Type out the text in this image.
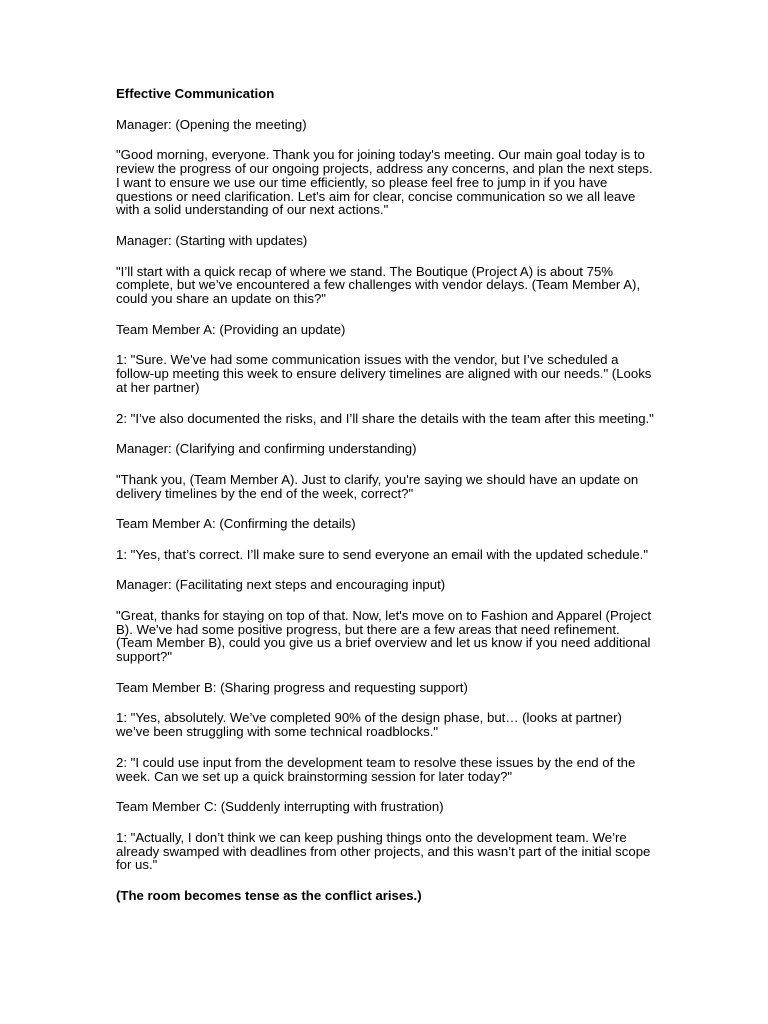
Effective Communication

Manager: (Opening the meeting)

"Good morning, everyone. Thank you for joining today's meeting. Our main goal today is to review the progress of our ongoing projects, address any concerns, and plan the next steps. I want to ensure we use our time efficiently, so please feel free to jump in if you have questions or need clarification. Let's aim for clear, concise communication so we all leave with a solid understanding of our next actions."

Manager: (Starting with updates)

"I’ll start with a quick recap of where we stand. The Boutique (Project A) is about 75% complete, but we’ve encountered a few challenges with vendor delays. (Team Member A), could you share an update on this?"

Team Member A: (Providing an update)

1: "Sure. We've had some communication issues with the vendor, but I’ve scheduled a follow-up meeting this week to ensure delivery timelines are aligned with our needs." (Looks at her partner)

2: "I’ve also documented the risks, and I’ll share the details with the team after this meeting."

Manager: (Clarifying and confirming understanding)

"Thank you, (Team Member A). Just to clarify, you're saying we should have an update on delivery timelines by the end of the week, correct?"

Team Member A: (Confirming the details)

1: "Yes, that’s correct. I’ll make sure to send everyone an email with the updated schedule."

Manager: (Facilitating next steps and encouraging input)

"Great, thanks for staying on top of that. Now, let's move on to Fashion and Apparel (Project B). We've had some positive progress, but there are a few areas that need refinement. (Team Member B), could you give us a brief overview and let us know if you need additional support?"

Team Member B: (Sharing progress and requesting support)

1: "Yes, absolutely. We’ve completed 90% of the design phase, but… (looks at partner) we’ve been struggling with some technical roadblocks."

2: "I could use input from the development team to resolve these issues by the end of the week. Can we set up a quick brainstorming session for later today?"

Team Member C: (Suddenly interrupting with frustration)

1: "Actually, I don’t think we can keep pushing things onto the development team. We’re already swamped with deadlines from other projects, and this wasn’t part of the initial scope for us."

(The room becomes tense as the conflict arises.)
